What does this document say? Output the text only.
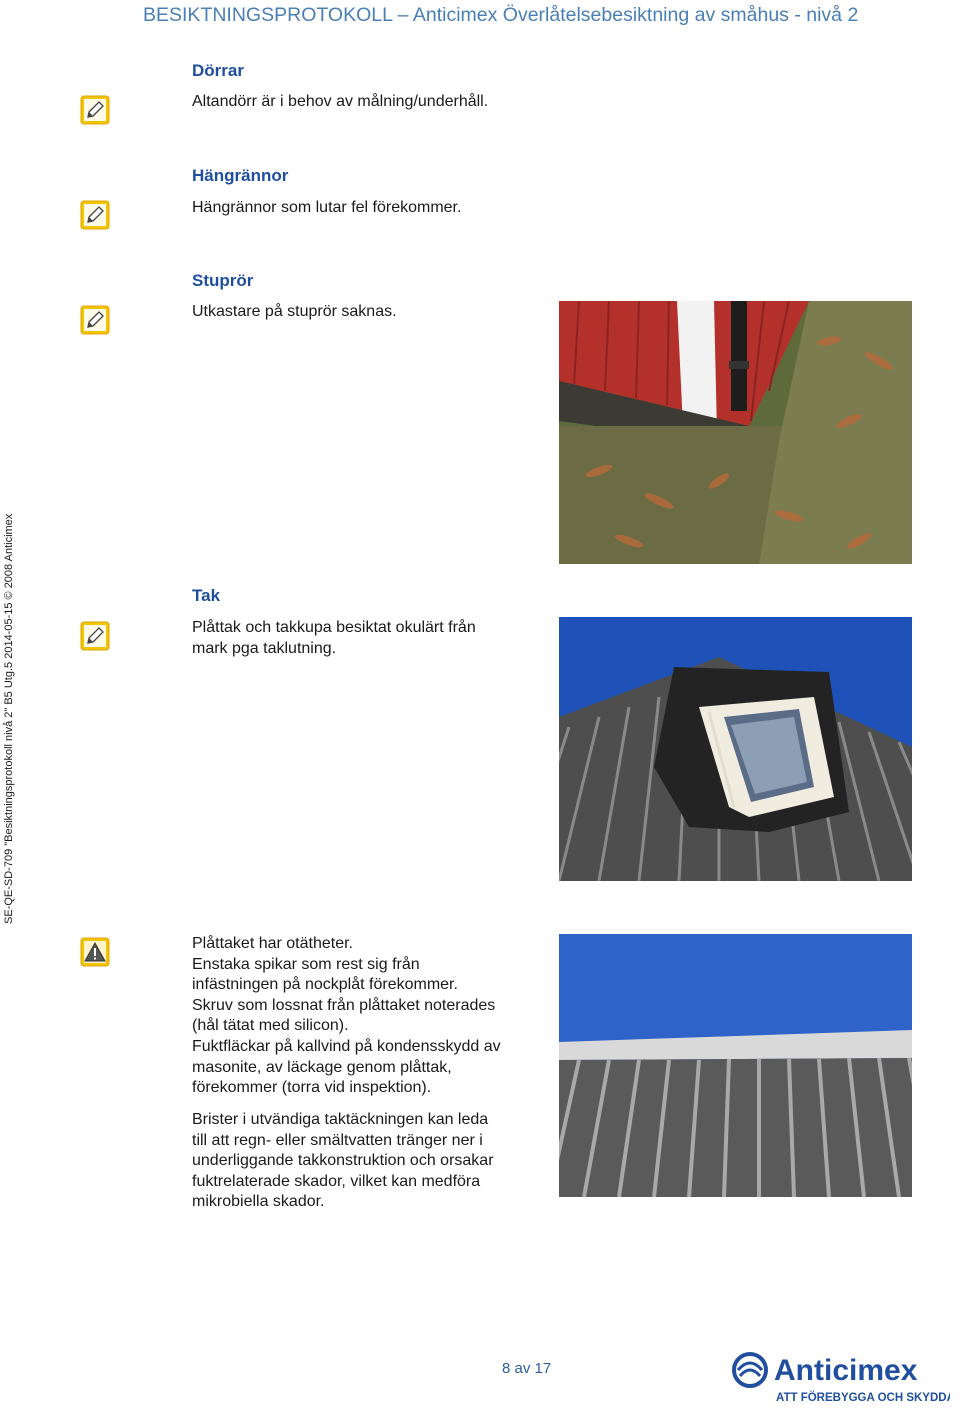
BESIKTNINGSPROTOKOLL – Anticimex Överlåtelsebesiktning av småhus - nivå 2
SE-QE-SD-709 "Besiktningsprotokoll nivå 2" B5 Utg.5 2014-05-15 © 2008 Anticimex
Dörrar
Altandörr är i behov av målning/underhåll.
Hängrännor
Hängrännor som lutar fel förekommer.
Stuprör
Utkastare på stuprör saknas.
Tak
Plåttak och takkupa besiktat okulärt från
mark pga taklutning.
Plåttaket har otätheter.
Enstaka spikar som rest sig från
infästningen på nockplåt förekommer.
Skruv som lossnat från plåttaket noterades
(hål tätat med silicon).
Fuktfläckar på kallvind på kondensskydd av
masonite, av läckage genom plåttak,
förekommer (torra vid inspektion).
Brister i utvändiga taktäckningen kan leda
till att regn- eller smältvatten tränger ner i
underliggande takkonstruktion och orsakar
fuktrelaterade skador, vilket kan medföra
mikrobiella skador.
8 av 17	Anticimex
ATT FÖREBYGGA OCH SKYDDA
